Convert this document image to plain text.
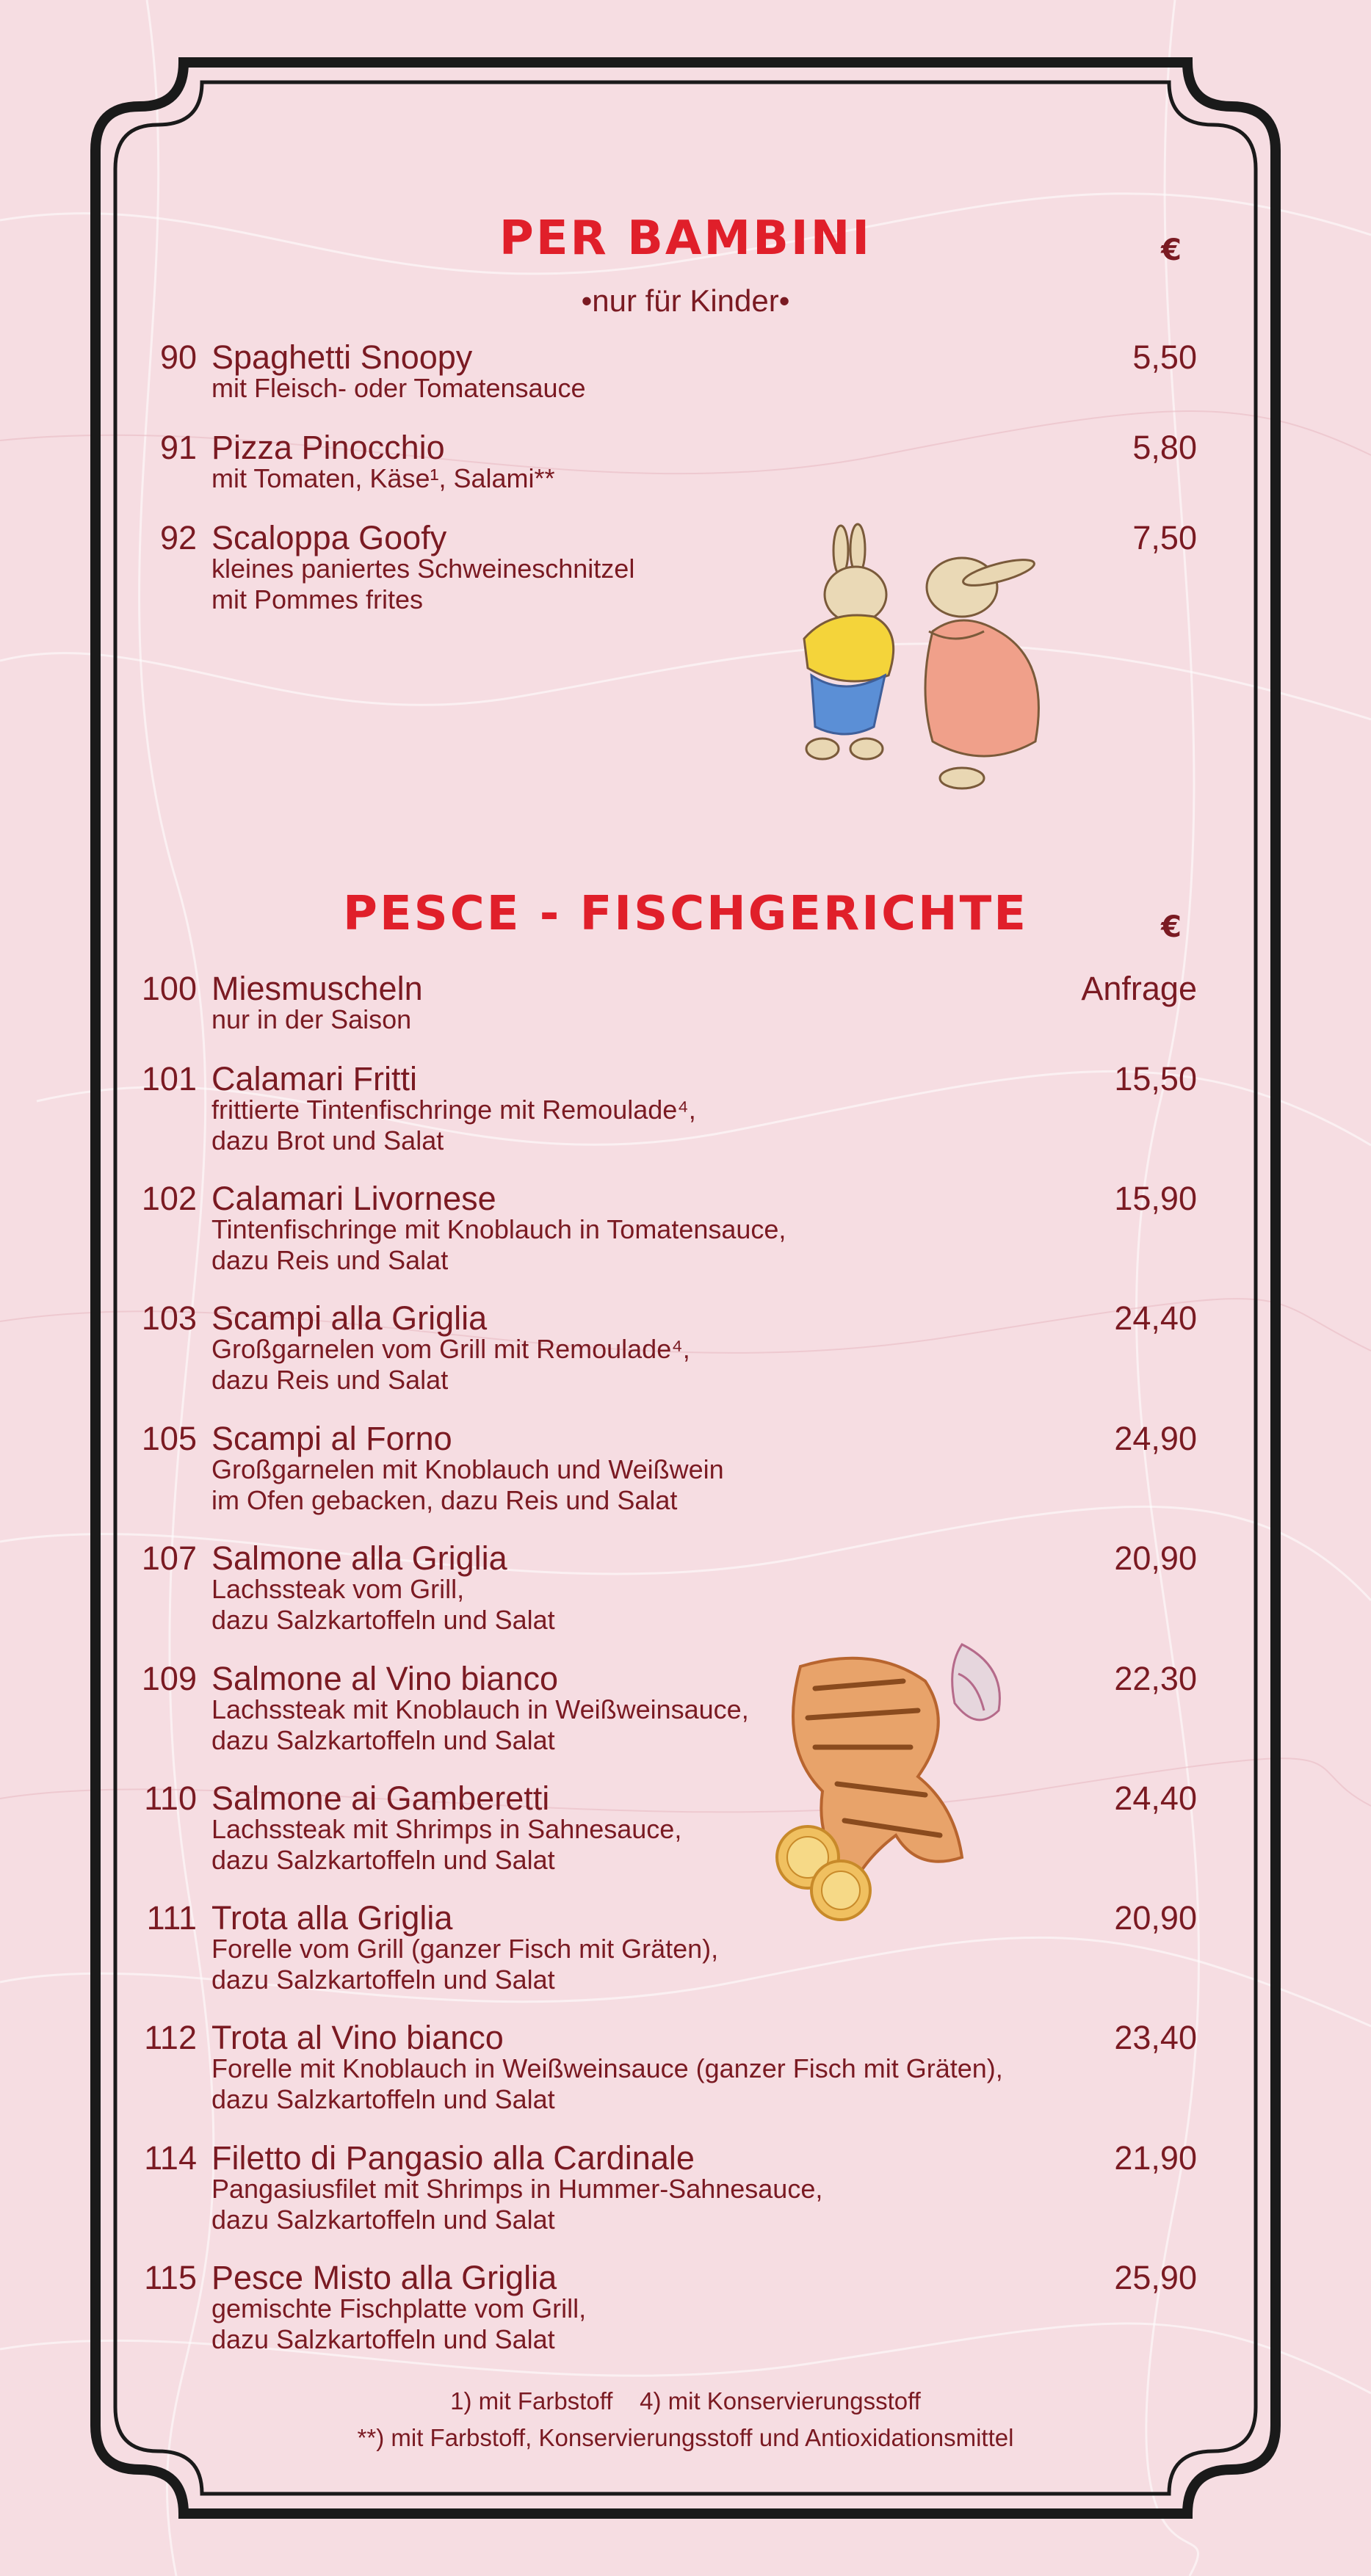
PER BAMBINI	€
•nur für Kinder•
90 Spaghetti Snoopy
mit Fleisch- oder Tomatensauce
5,50
91 Pizza Pinocchio
mit Tomaten, Käse¹, Salami**
5,80
92 Scaloppa Goofy
kleines paniertes Schweineschnitzel
mit Pommes frites
7,50
PESCE - FISCHGERICHTE	€
100 Miesmuscheln
nur in der Saison
Anfrage
101 Calamari Fritti
frittierte Tintenfischringe mit Remoulade⁴,
dazu Brot und Salat
15,50
102 Calamari Livornese
Tintenfischringe mit Knoblauch in Tomatensauce,
dazu Reis und Salat
15,90
103 Scampi alla Griglia
Großgarnelen vom Grill mit Remoulade⁴,
dazu Reis und Salat
24,40
105 Scampi al Forno
Großgarnelen mit Knoblauch und Weißwein
im Ofen gebacken, dazu Reis und Salat
24,90
107 Salmone alla Griglia
Lachssteak vom Grill,
dazu Salzkartoffeln und Salat
20,90
109 Salmone al Vino bianco
Lachssteak mit Knoblauch in Weißweinsauce,
dazu Salzkartoffeln und Salat
22,30
110 Salmone ai Gamberetti
Lachssteak mit Shrimps in Sahnesauce,
dazu Salzkartoffeln und Salat
24,40
111 Trota alla Griglia
Forelle vom Grill (ganzer Fisch mit Gräten),
dazu Salzkartoffeln und Salat
20,90
112 Trota al Vino bianco
Forelle mit Knoblauch in Weißweinsauce (ganzer Fisch mit Gräten),
dazu Salzkartoffeln und Salat
23,40
114 Filetto di Pangasio alla Cardinale
Pangasiusfilet mit Shrimps in Hummer-Sahnesauce,
dazu Salzkartoffeln und Salat
21,90
115 Pesce Misto alla Griglia
gemischte Fischplatte vom Grill,
dazu Salzkartoffeln und Salat
25,90
1) mit Farbstoff    4) mit Konservierungsstoff
**) mit Farbstoff, Konservierungsstoff und Antioxidationsmittel
